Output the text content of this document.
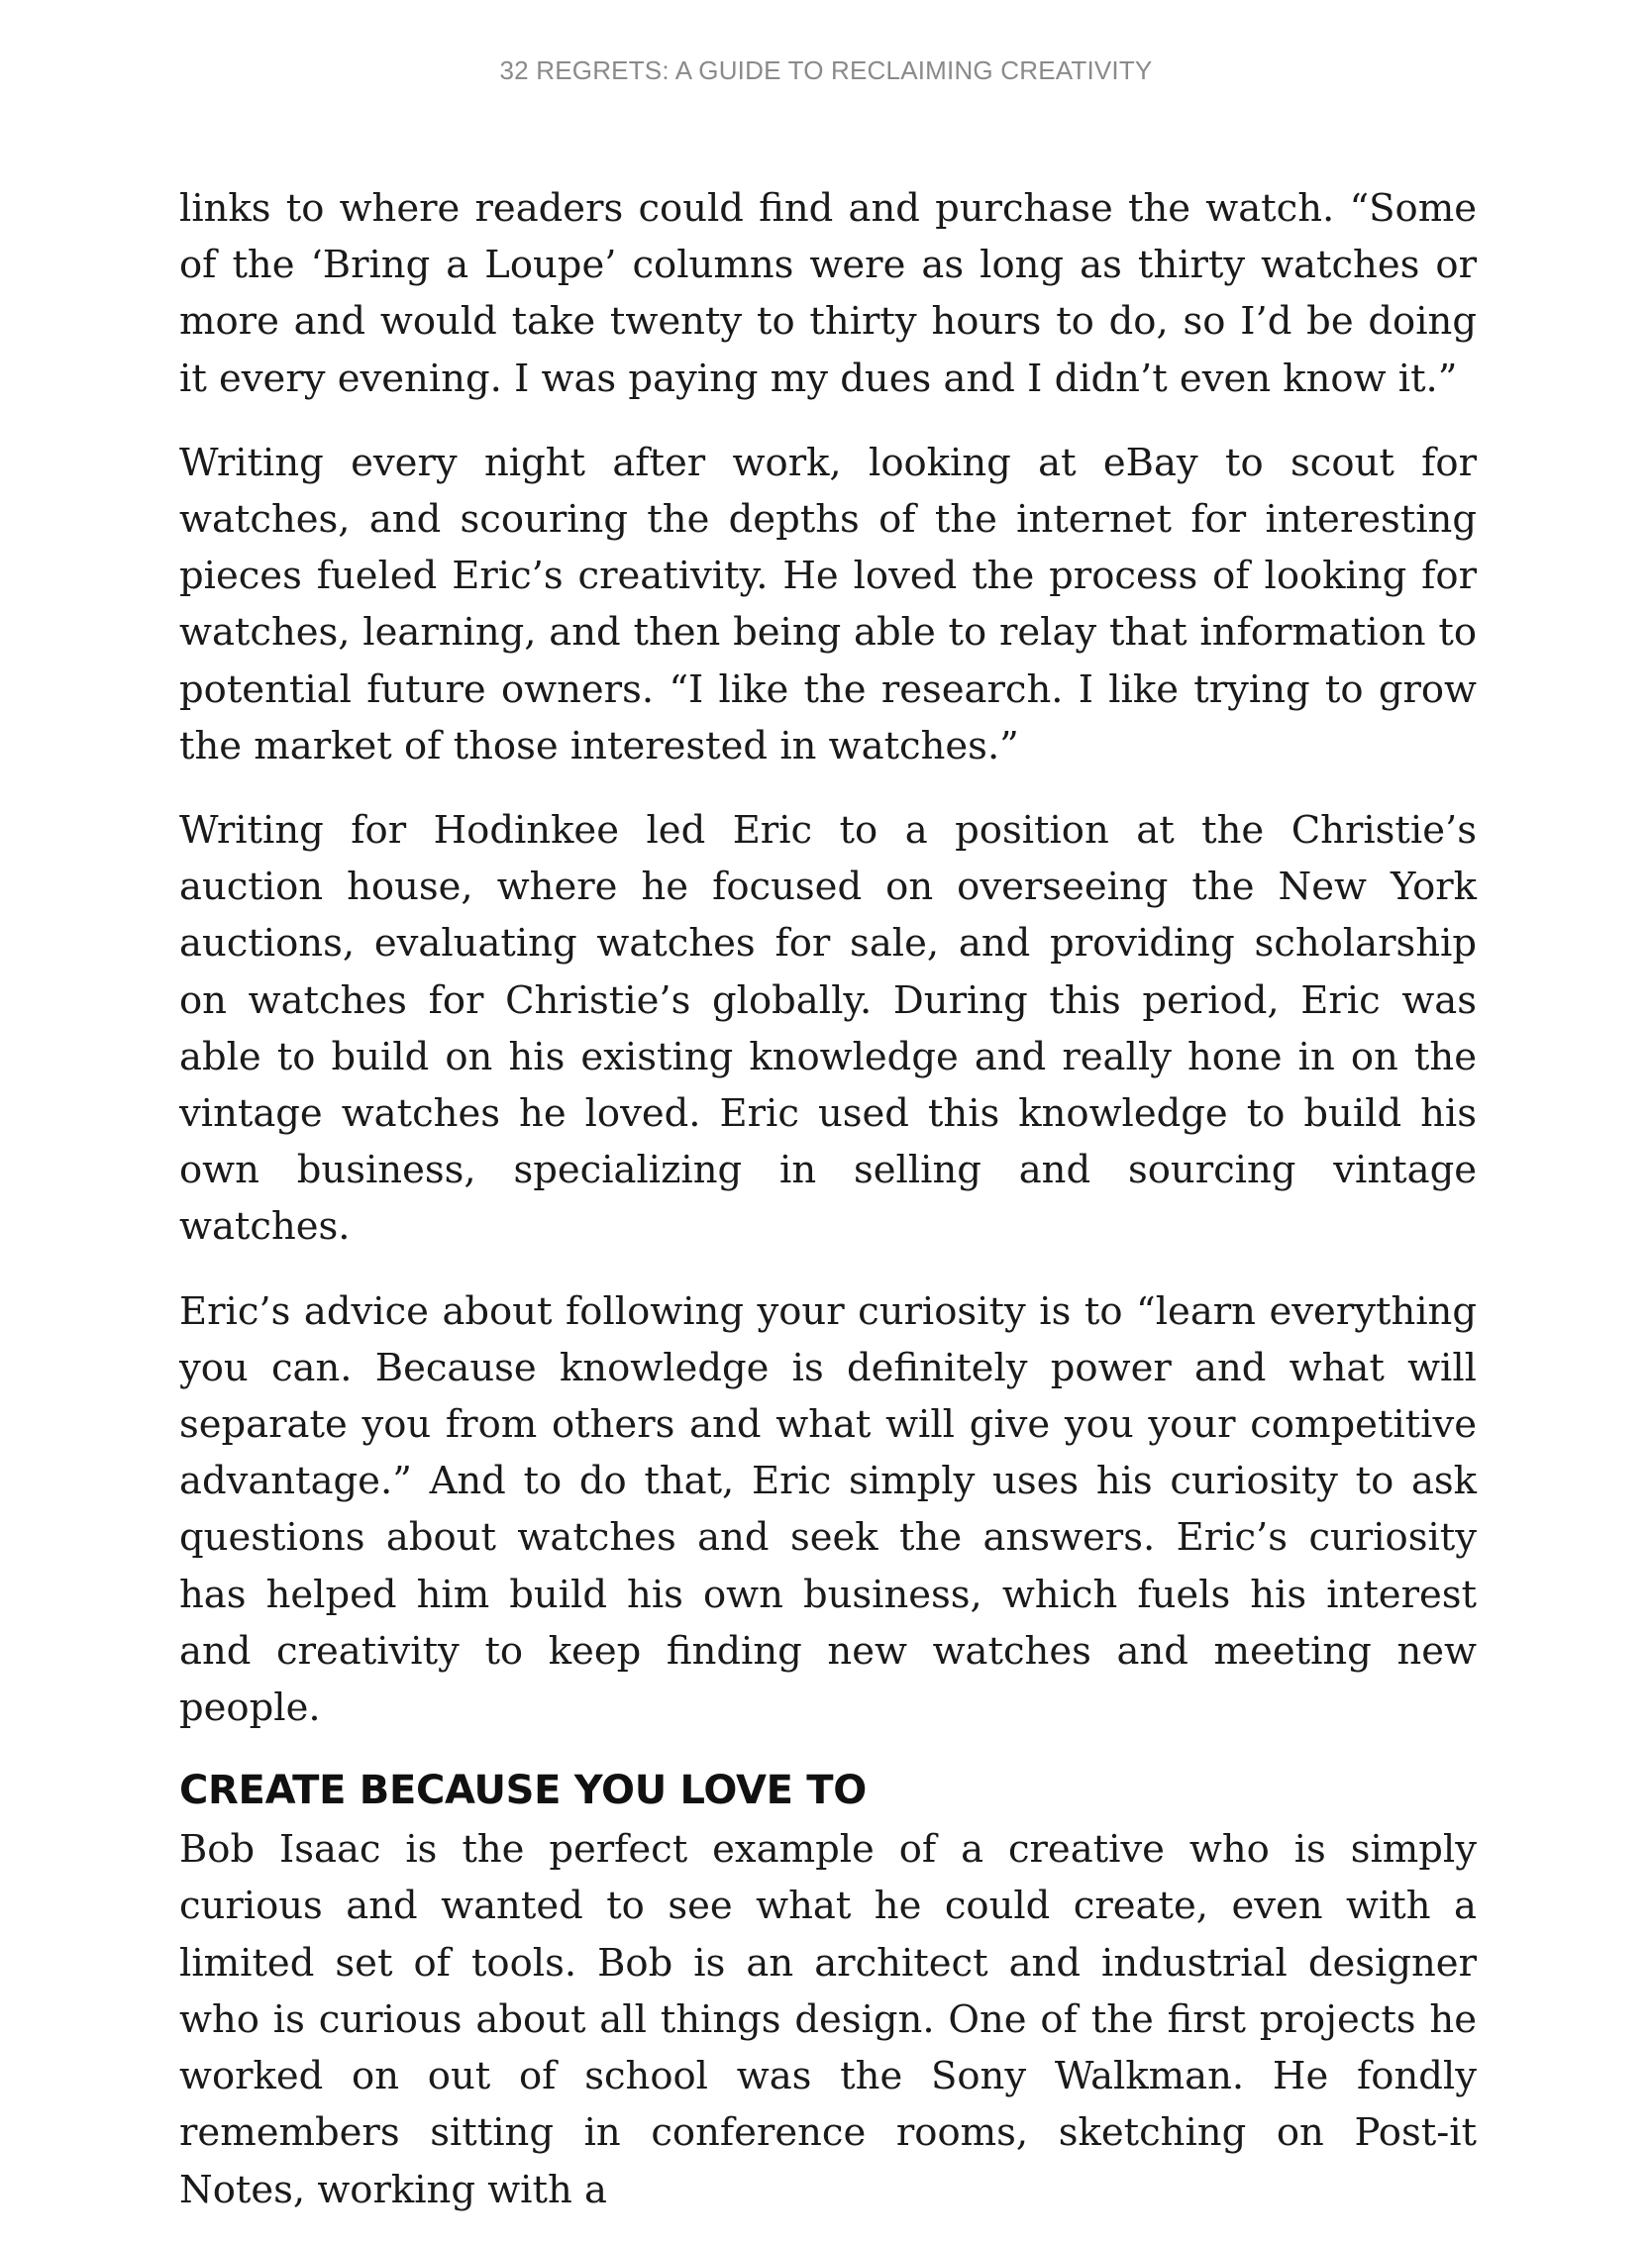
32 REGRETS: A GUIDE TO RECLAIMING CREATIVITY

links to where readers could find and purchase the watch. “Some of the ‘Bring a Loupe’ columns were as long as thirty watches or more and would take twenty to thirty hours to do, so I’d be doing it every evening. I was paying my dues and I didn’t even know it.”

Writing every night after work, looking at eBay to scout for watches, and scouring the depths of the internet for interesting pieces fueled Eric’s creativity. He loved the process of looking for watches, learning, and then being able to relay that information to potential future owners. “I like the research. I like trying to grow the market of those interested in watches.”

Writing for Hodinkee led Eric to a position at the Christie’s auction house, where he focused on overseeing the New York auctions, evaluating watches for sale, and providing scholarship on watches for Christie’s globally. During this period, Eric was able to build on his existing knowledge and really hone in on the vintage watches he loved. Eric used this knowledge to build his own business, specializing in selling and sourcing vintage watches.

Eric’s advice about following your curiosity is to “learn everything you can. Because knowledge is definitely power and what will separate you from others and what will give you your competitive advantage.” And to do that, Eric simply uses his curiosity to ask questions about watches and seek the answers. Eric’s curiosity has helped him build his own business, which fuels his interest and creativity to keep finding new watches and meeting new people.

CREATE BECAUSE YOU LOVE TO

Bob Isaac is the perfect example of a creative who is simply curious and wanted to see what he could create, even with a limited set of tools. Bob is an architect and industrial designer who is curious about all things design. One of the first projects he worked on out of school was the Sony Walkman. He fondly remembers sitting in conference rooms, sketching on Post-it Notes, working with a
